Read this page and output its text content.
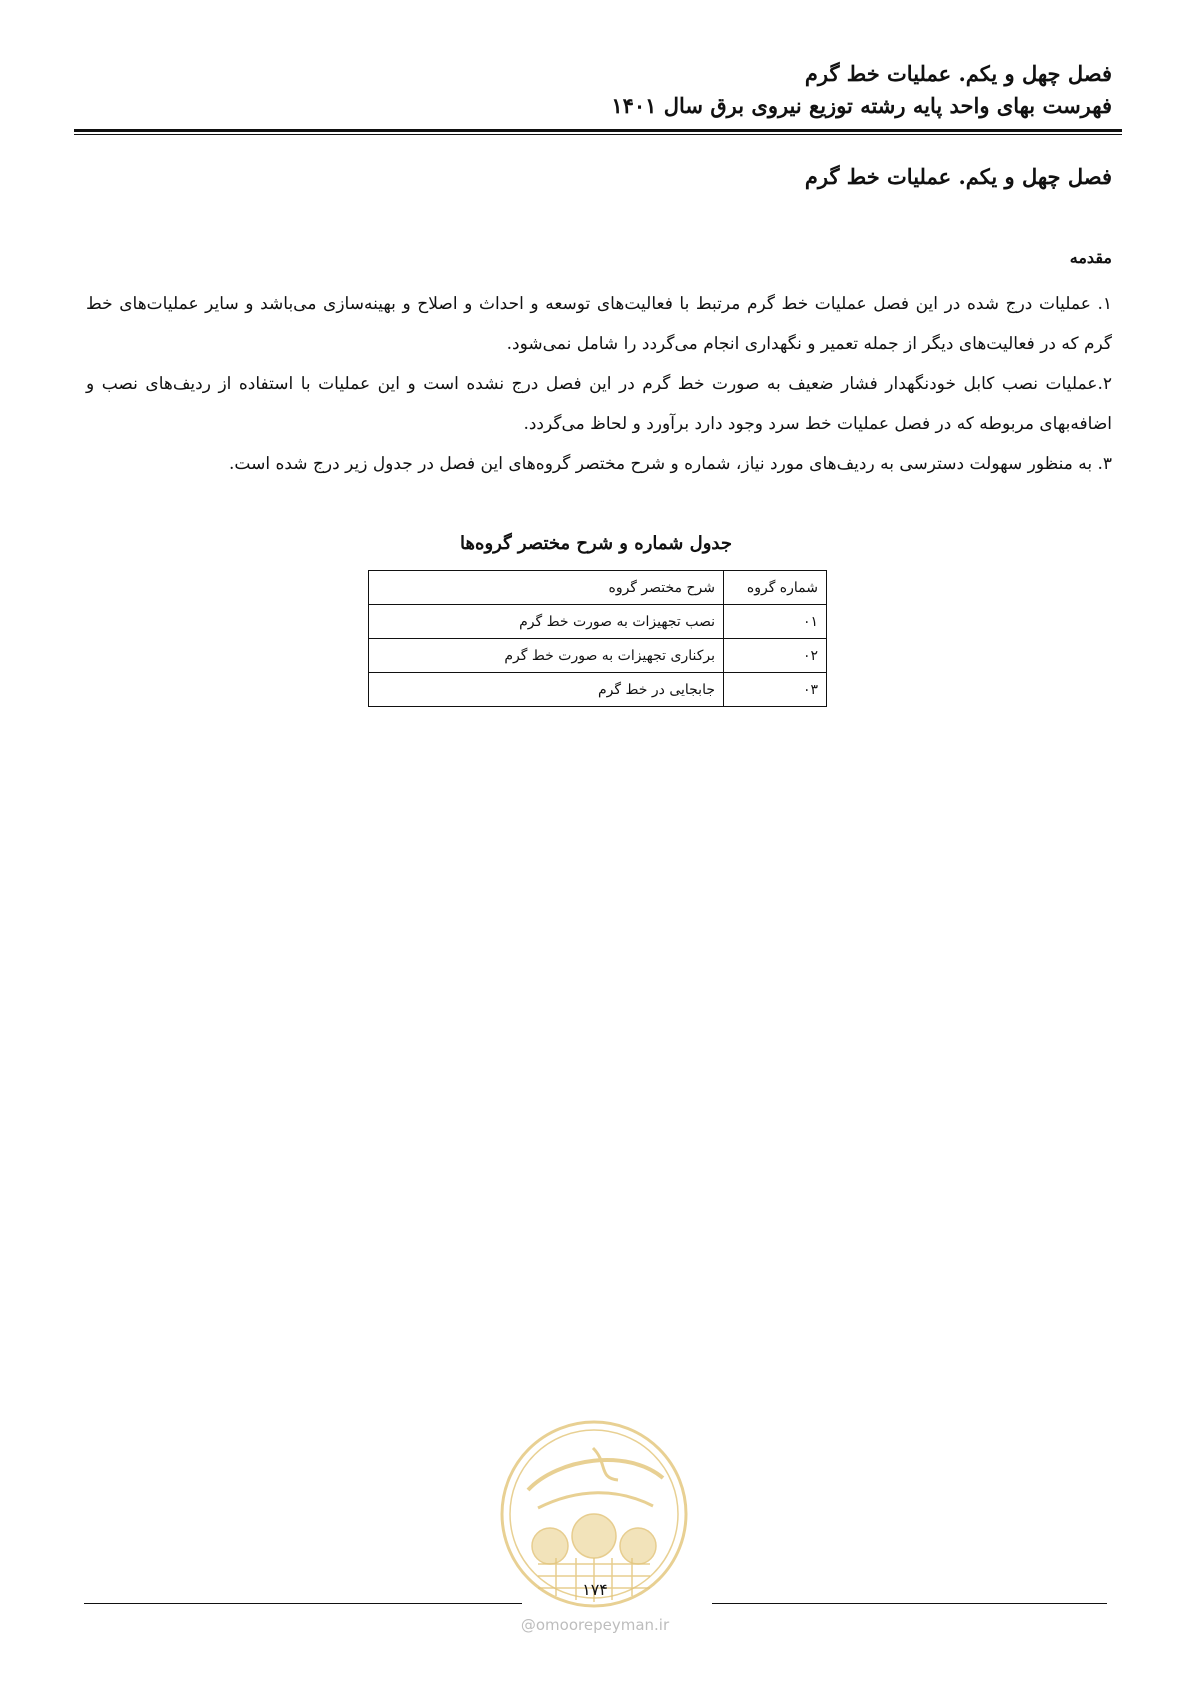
فصل چهل و یکم. عملیات خط گرم
فهرست بهای واحد پایه رشته توزیع نیروی برق سال ۱۴۰۱
فصل چهل و یکم. عملیات خط گرم
مقدمه

۱. عملیات درج شده در این فصل عملیات خط گرم مرتبط با فعالیت‌های توسعه و احداث و اصلاح و بهینه‌سازی می‌باشد و سایر عملیات‌های خط گرم که در فعالیت‌های دیگر از جمله تعمیر و نگهداری انجام می‌گردد را شامل نمی‌شود.

۲.عملیات نصب کابل خودنگهدار فشار ضعیف به صورت خط گرم در این فصل درج نشده است و این عملیات با استفاده از ردیف‌های نصب و اضافه‌بهای مربوطه که در فصل عملیات خط سرد وجود دارد برآورد و لحاظ می‌گردد.

۳. به منظور سهولت دسترسی به ردیف‌های مورد نیاز، شماره و شرح مختصر گروه‌های این فصل در جدول زیر درج شده است.

جدول شماره و شرح مختصر گروه‌ها
شماره گروه	شرح مختصر گروه
۰۱	نصب تجهیزات به صورت خط گرم
۰۲	برکناری تجهیزات به صورت خط گرم
۰۳	جابجایی در خط گرم
۱۷۴
@omoorepeyman.ir
